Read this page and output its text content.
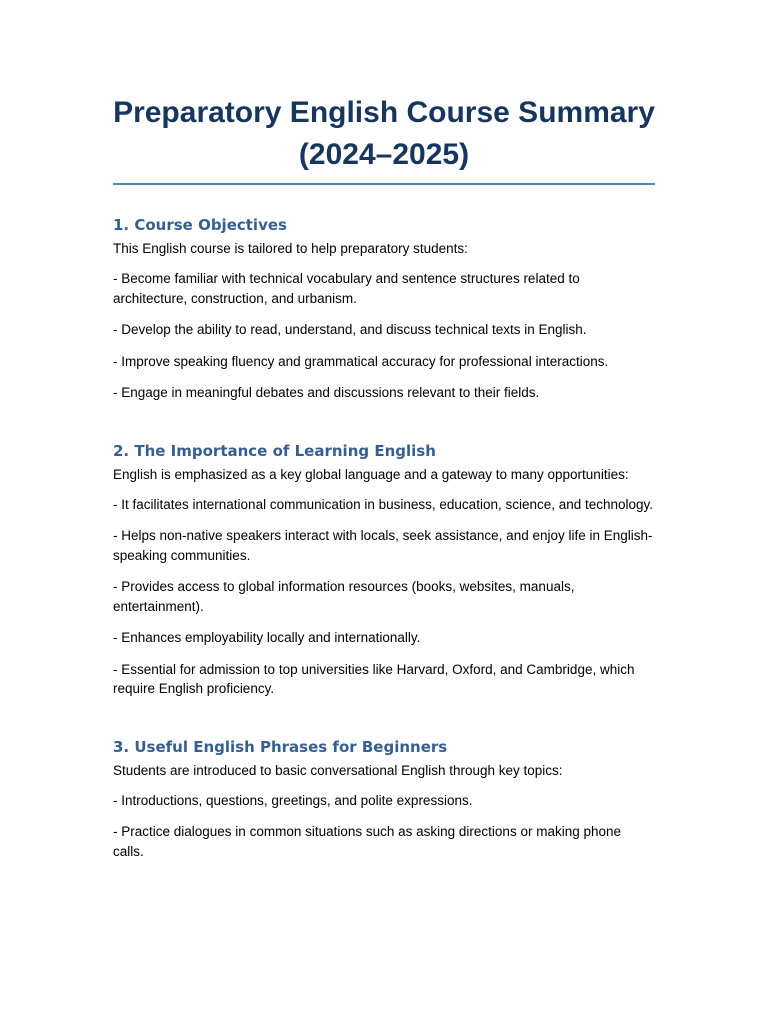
Preparatory English Course Summary (2024–2025)
1. Course Objectives

This English course is tailored to help preparatory students:

- Become familiar with technical vocabulary and sentence structures related to architecture, construction, and urbanism.

- Develop the ability to read, understand, and discuss technical texts in English.

- Improve speaking fluency and grammatical accuracy for professional interactions.

- Engage in meaningful debates and discussions relevant to their fields.

2. The Importance of Learning English

English is emphasized as a key global language and a gateway to many opportunities:

- It facilitates international communication in business, education, science, and technology.

- Helps non-native speakers interact with locals, seek assistance, and enjoy life in English-speaking communities.

- Provides access to global information resources (books, websites, manuals, entertainment).

- Enhances employability locally and internationally.

- Essential for admission to top universities like Harvard, Oxford, and Cambridge, which require English proficiency.

3. Useful English Phrases for Beginners

Students are introduced to basic conversational English through key topics:

- Introductions, questions, greetings, and polite expressions.

- Practice dialogues in common situations such as asking directions or making phone calls.
